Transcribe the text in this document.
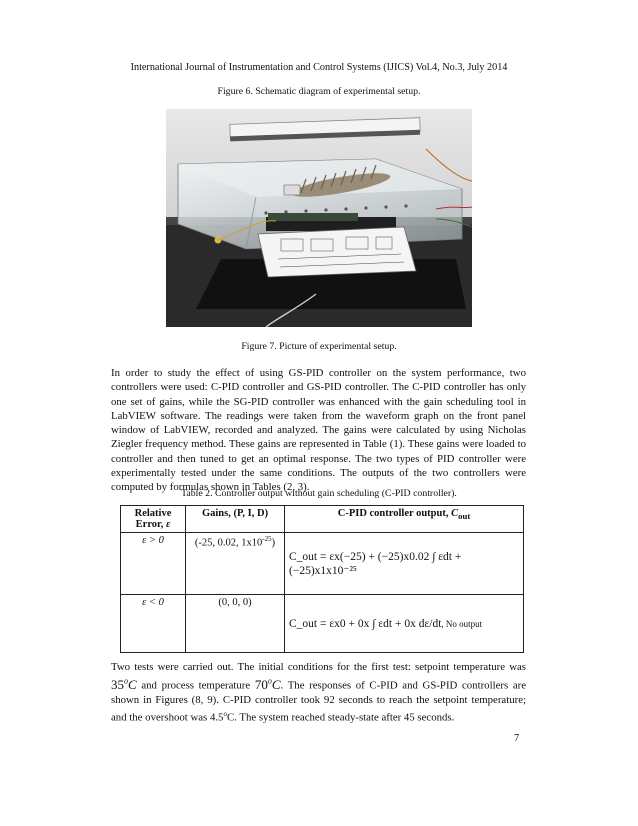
International Journal of Instrumentation and Control Systems (IJICS) Vol.4, No.3, July 2014
Figure 6. Schematic diagram of experimental setup.
Figure 7. Picture of experimental setup.
In order to study the effect of using GS-PID controller on the system performance, two controllers were used: C-PID controller and GS-PID controller. The C-PID controller has only one set of gains, while the SG-PID controller was enhanced with the gain scheduling tool in LabVIEW software. The readings were taken from the waveform graph on the front panel window of LabVIEW, recorded and analyzed. The gains were calculated by using Nicholas Ziegler frequency method. These gains are represented in Table (1). These gains were loaded to controller and then tuned to get an optimal response. The two types of PID controller were experimentally tested under the same conditions. The outputs of the two controllers were computed by formulas shown in Tables (2, 3).
Table 2. Controller output without gain scheduling (C-PID controller).
Relative
Error, ε	Gains, (P, I, D)	C-PID controller output, $C_{out}$
ε > 0	(-25, 0.02, $1x10^{-25}$)	C_out = εx(−25) + (−25)x0.02 ∫ εdt + (−25)x1x10⁻²⁵
ε < 0	(0, 0, 0)	C_out = εx0 + 0x ∫ εdt + 0x dε/dt, No output
Two tests were carried out. The initial conditions for the first test: setpoint temperature was 35$^o$C and process temperature 70$^o$C. The responses of C-PID and GS-PID controllers are shown in Figures (8, 9). C-PID controller took 92 seconds to reach the setpoint temperature; and the overshoot was 4.5$^o$C. The system reached steady-state after 45 seconds.
7
